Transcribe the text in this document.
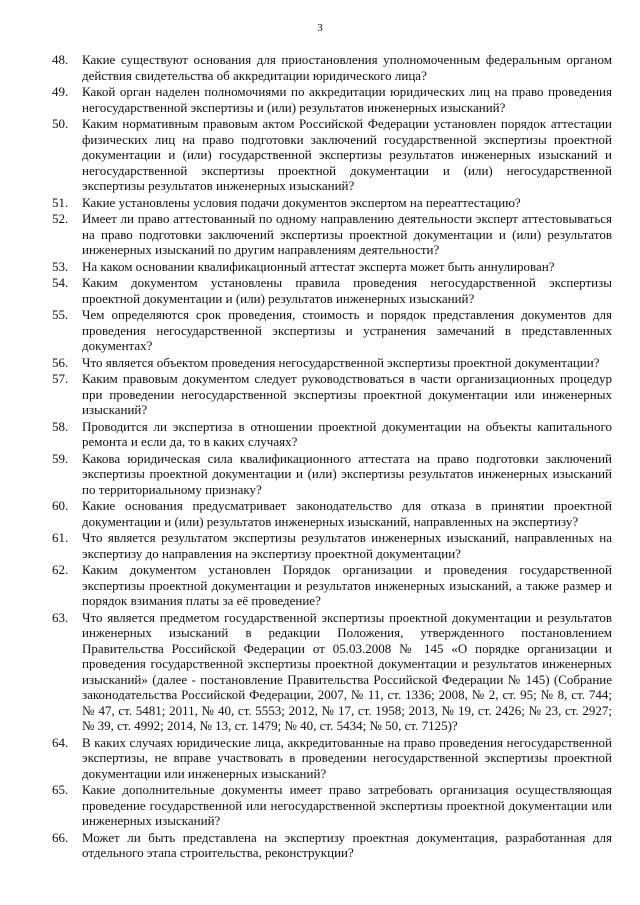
3
48.	Какие существуют основания для приостановления уполномоченным федеральным органом действия свидетельства об аккредитации юридического лица?
49.	Какой орган наделен полномочиями по аккредитации юридических лиц на право проведения негосударственной экспертизы и (или) результатов инженерных изысканий?
50.	Каким нормативным правовым актом Российской Федерации установлен порядок аттестации физических лиц на право подготовки заключений государственной экспертизы проектной документации и (или) государственной экспертизы результатов инженерных изысканий и негосударственной экспертизы проектной документации и (или) негосударственной экспертизы результатов инженерных изысканий?
51.	Какие установлены условия подачи документов экспертом на переаттестацию?
52.	Имеет ли право аттестованный по одному направлению деятельности эксперт аттестовываться на право подготовки заключений экспертизы проектной документации и (или) результатов инженерных изысканий по другим направлениям деятельности?
53.	На каком основании квалификационный аттестат эксперта может быть аннулирован?
54.	Каким документом установлены правила проведения негосударственной экспертизы проектной документации и (или) результатов инженерных изысканий?
55.	Чем определяются срок проведения, стоимость и порядок представления документов для проведения негосударственной экспертизы и устранения замечаний в представленных документах?
56.	Что является объектом проведения негосударственной экспертизы проектной документации?
57.	Каким правовым документом следует руководствоваться в части организационных процедур при проведении негосударственной экспертизы проектной документации или инженерных изысканий?
58.	Проводится ли экспертиза в отношении проектной документации на объекты капитального ремонта и если да, то в каких случаях?
59.	Какова юридическая сила квалификационного аттестата на право подготовки заключений экспертизы проектной документации и (или) экспертизы результатов инженерных изысканий по территориальному признаку?
60.	Какие основания предусматривает законодательство для отказа в принятии проектной документации и (или) результатов инженерных изысканий, направленных на экспертизу?
61.	Что является результатом экспертизы результатов инженерных изысканий, направленных на экспертизу до направления на экспертизу проектной документации?
62.	Каким документом установлен Порядок организации и проведения государственной экспертизы проектной документации и результатов инженерных изысканий, а также размер и порядок взимания платы за её проведение?
63.	Что является предметом государственной экспертизы проектной документации и результатов инженерных изысканий в редакции Положения, утвержденного постановлением Правительства Российской Федерации от 05.03.2008 № 145 «О порядке организации и проведения государственной экспертизы проектной документации и результатов инженерных изысканий» (далее - постановление Правительства Российской Федерации № 145) (Собрание законодательства Российской Федерации, 2007, № 11, ст. 1336; 2008, № 2, ст. 95; № 8, ст. 744; № 47, ст. 5481; 2011, № 40, ст. 5553; 2012, № 17, ст. 1958; 2013, № 19, ст. 2426; № 23, ст. 2927; № 39, ст. 4992; 2014, № 13, ст. 1479; № 40, ст. 5434; № 50, ст. 7125)?
64.	В каких случаях юридические лица, аккредитованные на право проведения негосударственной экспертизы, не вправе участвовать в проведении негосударственной экспертизы проектной документации или инженерных изысканий?
65.	Какие дополнительные документы имеет право затребовать организация осуществляющая проведение государственной или негосударственной экспертизы проектной документации или инженерных изысканий?
66.	Может ли быть представлена на экспертизу проектная документация, разработанная для отдельного этапа строительства, реконструкции?
